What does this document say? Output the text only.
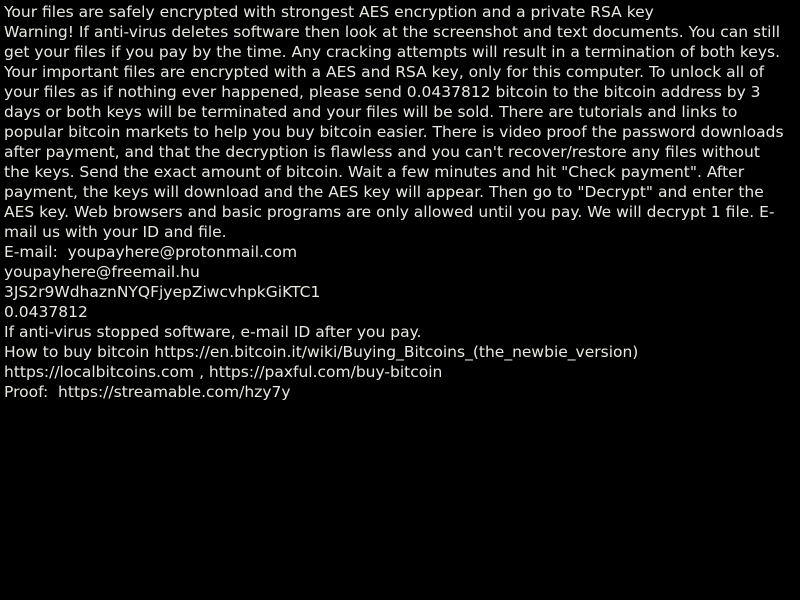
Your files are safely encrypted with strongest AES encryption and a private RSA key
Warning! If anti-virus deletes software then look at the screenshot and text documents. You can still get your files if you pay by the time. Any cracking attempts will result in a termination of both keys.
Your important files are encrypted with a AES and RSA key, only for this computer. To unlock all of your files as if nothing ever happened, please send 0.0437812 bitcoin to the bitcoin address by 3 days or both keys will be terminated and your files will be sold. There are tutorials and links to popular bitcoin markets to help you buy bitcoin easier. There is video proof the password downloads after payment, and that the decryption is flawless and you can't recover/restore any files without the keys. Send the exact amount of bitcoin. Wait a few minutes and hit "Check payment". After payment, the keys will download and the AES key will appear. Then go to "Decrypt" and enter the AES key. Web browsers and basic programs are only allowed until you pay. We will decrypt 1 file. E-mail us with your ID and file.
E-mail:  youpayhere@protonmail.com
youpayhere@freemail.hu
3JS2r9WdhaznNYQFjyepZiwcvhpkGiKTC1
0.0437812
If anti-virus stopped software, e-mail ID after you pay.
How to buy bitcoin https://en.bitcoin.it/wiki/Buying_Bitcoins_(the_newbie_version)
https://localbitcoins.com , https://paxful.com/buy-bitcoin
Proof:  https://streamable.com/hzy7y
